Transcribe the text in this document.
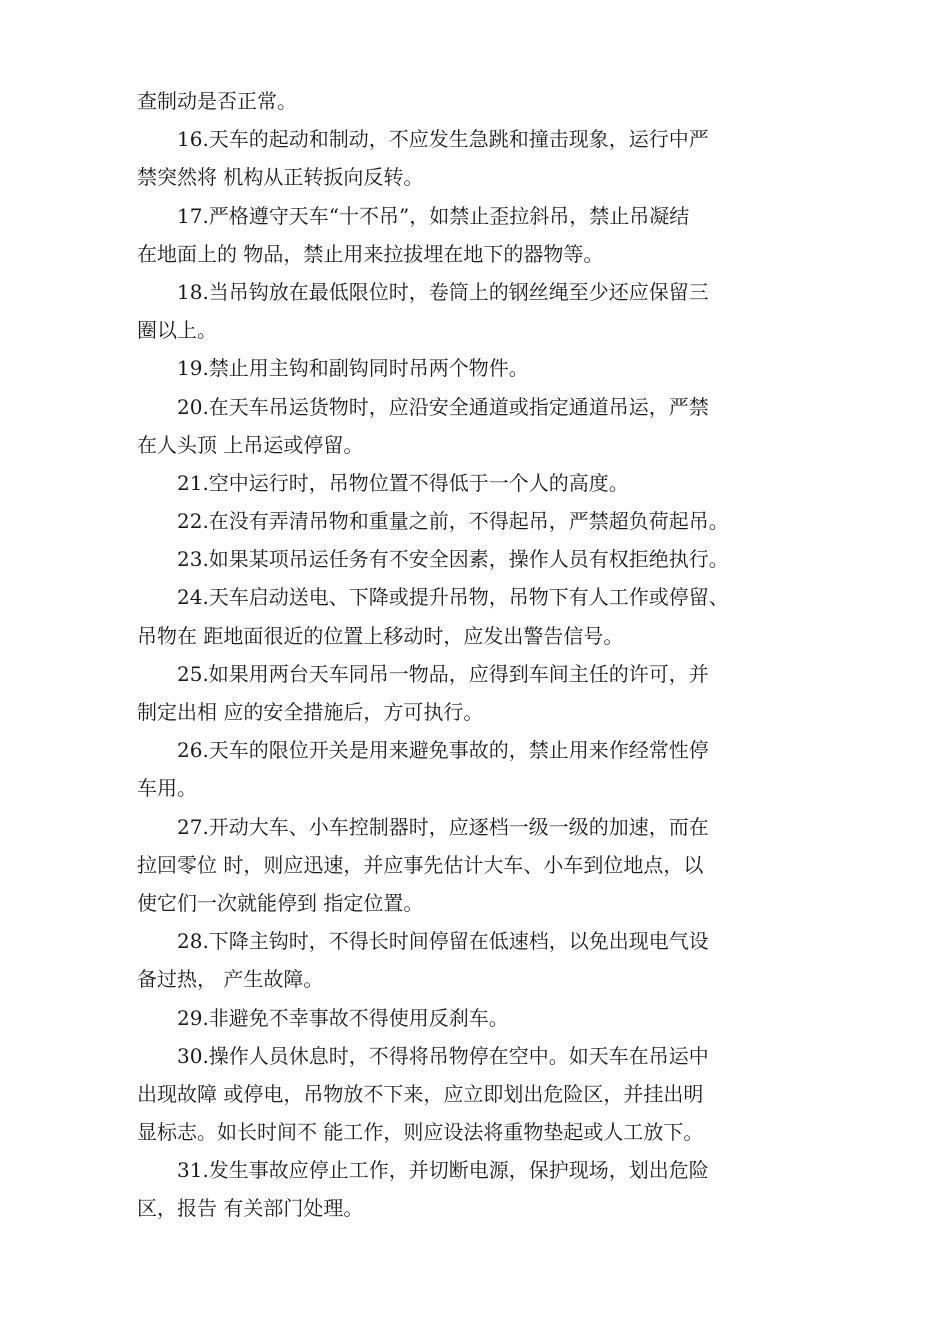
查制动是否正常。
16.天车的起动和制动，不应发生急跳和撞击现象，运行中严
禁突然将 机构从正转扳向反转。
17.严格遵守天车“十不吊”，如禁止歪拉斜吊，禁止吊凝结
在地面上的 物品，禁止用来拉拔埋在地下的器物等。
18.当吊钩放在最低限位时，卷筒上的钢丝绳至少还应保留三
圈以上。
19.禁止用主钩和副钩同时吊两个物件。
20.在天车吊运货物时，应沿安全通道或指定通道吊运，严禁
在人头顶 上吊运或停留。
21.空中运行时，吊物位置不得低于一个人的高度。
22.在没有弄清吊物和重量之前，不得起吊，严禁超负荷起吊。
23.如果某项吊运任务有不安全因素，操作人员有权拒绝执行。
24.天车启动送电、下降或提升吊物，吊物下有人工作或停留、
吊物在 距地面很近的位置上移动时，应发出警告信号。
25.如果用两台天车同吊一物品，应得到车间主任的许可，并
制定出相 应的安全措施后，方可执行。
26.天车的限位开关是用来避免事故的，禁止用来作经常性停
车用。
27.开动大车、小车控制器时，应逐档一级一级的加速，而在
拉回零位 时，则应迅速，并应事先估计大车、小车到位地点，以
使它们一次就能停到 指定位置。
28.下降主钩时，不得长时间停留在低速档，以免出现电气设
备过热， 产生故障。
29.非避免不幸事故不得使用反刹车。
30.操作人员休息时，不得将吊物停在空中。如天车在吊运中
出现故障 或停电，吊物放不下来，应立即划出危险区，并挂出明
显标志。如长时间不 能工作，则应设法将重物垫起或人工放下。
31.发生事故应停止工作，并切断电源，保护现场，划出危险
区，报告 有关部门处理。
